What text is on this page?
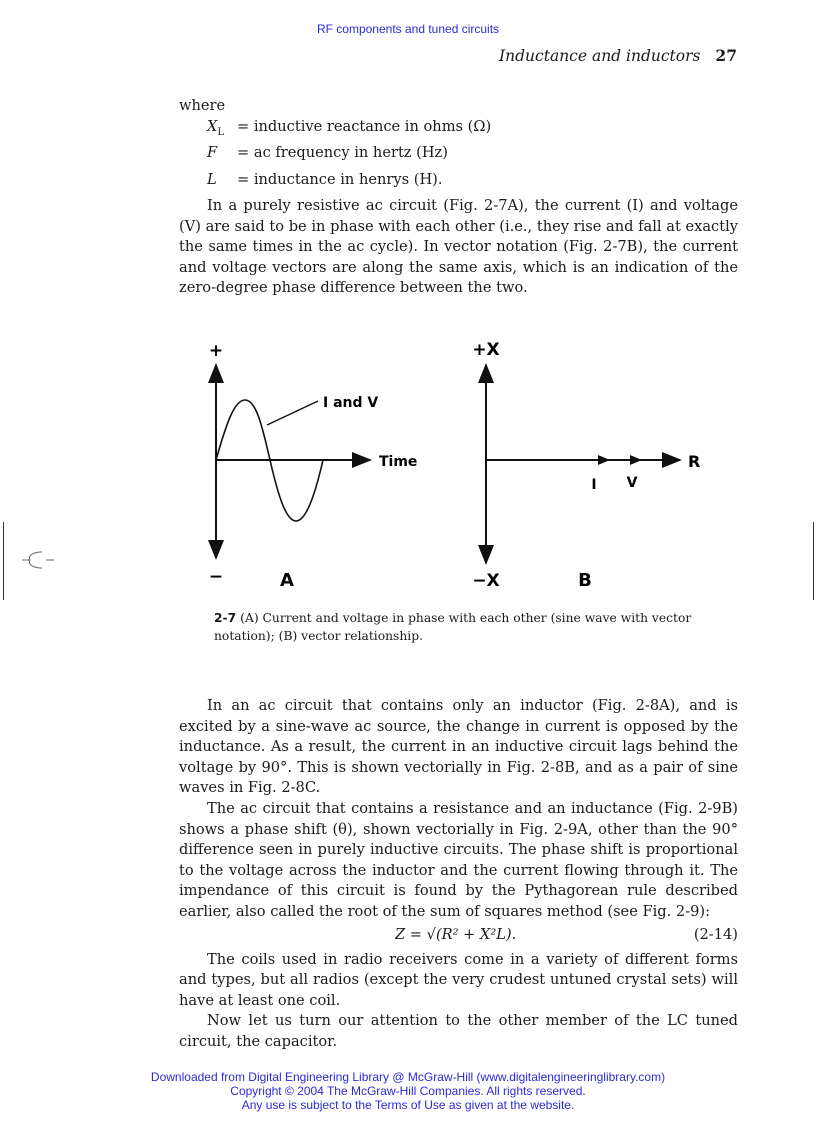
RF components and tuned circuits
Inductance and inductors 27

where

$X_L$ = inductive reactance in ohms (Ω)
F	= ac frequency in hertz (Hz)
L	= inductance in henrys (H).

In a purely resistive ac circuit (Fig. 2-7A), the current (I) and voltage (V) are said to be in phase with each other (i.e., they rise and fall at exactly the same times in the ac cycle). In vector notation (Fig. 2-7B), the current and voltage vectors are along the same axis, which is an indication of the zero-degree phase difference between the two.

+
−
I and V
Time
A
+X
−X
R
I V
B
2-7 (A) Current and voltage in phase with each other (sine wave with vector notation); (B) vector relationship.

In an ac circuit that contains only an inductor (Fig. 2-8A), and is excited by a sine-wave ac source, the change in current is opposed by the inductance. As a result, the current in an inductive circuit lags behind the voltage by 90°. This is shown vectorially in Fig. 2-8B, and as a pair of sine waves in Fig. 2-8C.

The ac circuit that contains a resistance and an inductance (Fig. 2-9B) shows a phase shift (θ), shown vectorially in Fig. 2-9A, other than the 90° difference seen in purely inductive circuits. The phase shift is proportional to the voltage across the inductor and the current flowing through it. The impendance of this circuit is found by the Pythagorean rule described earlier, also called the root of the sum of squares method (see Fig. 2-9):

Z = √(R² + X²L).	(2-14)

The coils used in radio receivers come in a variety of different forms and types, but all radios (except the very crudest untuned crystal sets) will have at least one coil.

Now let us turn our attention to the other member of the LC tuned circuit, the capacitor.

Downloaded from Digital Engineering Library @ McGraw-Hill (www.digitalengineeringlibrary.com)
Copyright © 2004 The McGraw-Hill Companies. All rights reserved.
Any use is subject to the Terms of Use as given at the website.
